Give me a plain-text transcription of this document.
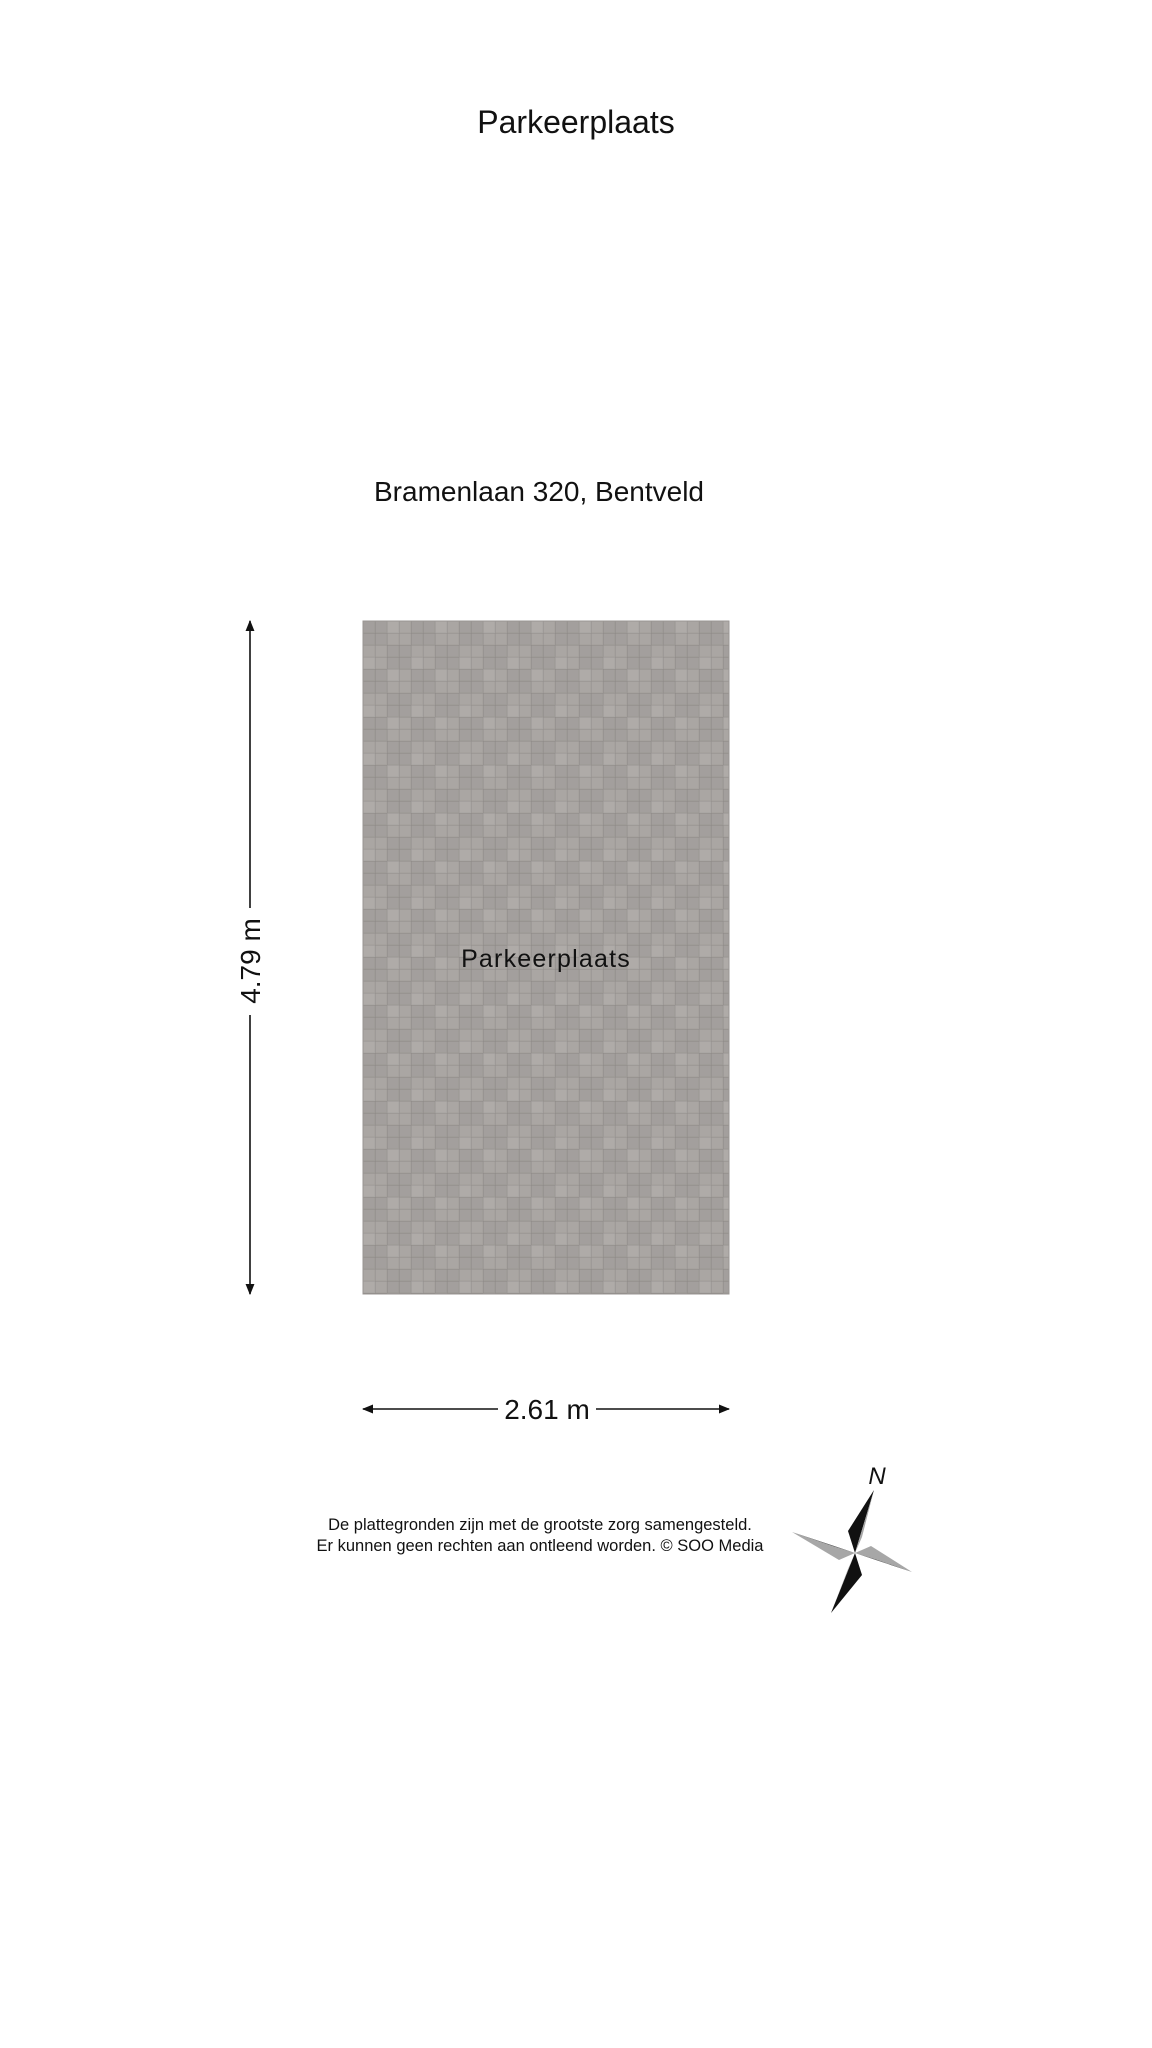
Parkeerplaats
Bramenlaan 320, Bentveld
Parkeerplaats
4.79 m
2.61 m
N
De plattegronden zijn met de grootste zorg samengesteld.
Er kunnen geen rechten aan ontleend worden. © SOO Media
